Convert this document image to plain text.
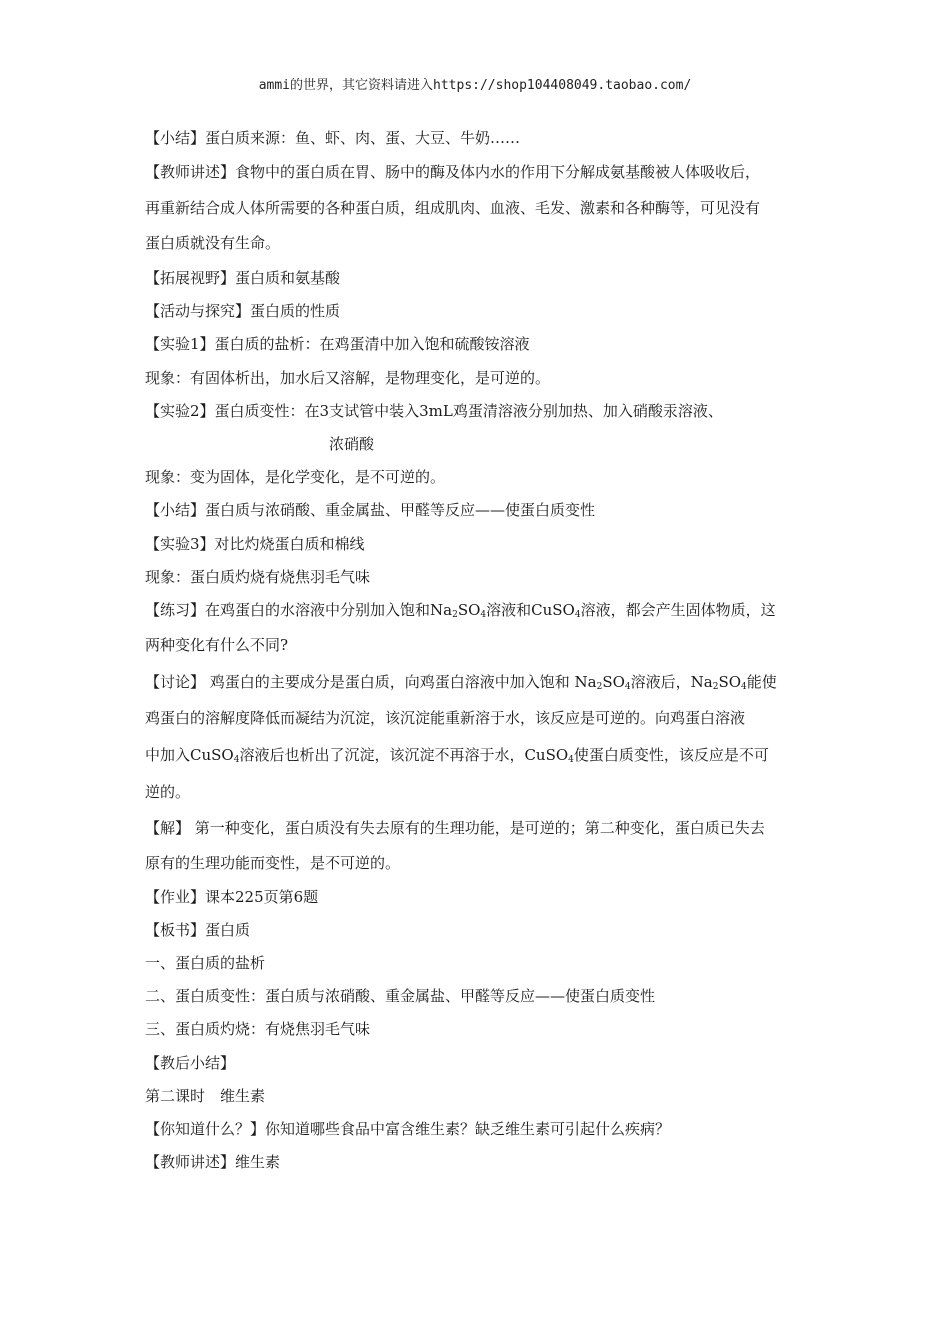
ammi的世界，其它资料请进入https://shop104408049.taobao.com/
【小结】蛋白质来源：鱼、虾、肉、蛋、大豆、牛奶……
【教师讲述】食物中的蛋白质在胃、肠中的酶及体内水的作用下分解成氨基酸被人体吸收后，
再重新结合成人体所需要的各种蛋白质，组成肌肉、血液、毛发、激素和各种酶等，可见没有
蛋白质就没有生命。
【拓展视野】蛋白质和氨基酸
【活动与探究】蛋白质的性质
【实验1】蛋白质的盐析：在鸡蛋清中加入饱和硫酸铵溶液
现象：有固体析出，加水后又溶解，是物理变化，是可逆的。
【实验2】蛋白质变性：在3支试管中装入3mL鸡蛋清溶液分别加热、加入硝酸汞溶液、
浓硝酸
现象：变为固体，是化学变化，是不可逆的。
【小结】蛋白质与浓硝酸、重金属盐、甲醛等反应——使蛋白质变性
【实验3】对比灼烧蛋白质和棉线
现象：蛋白质灼烧有烧焦羽毛气味
【练习】在鸡蛋白的水溶液中分别加入饱和$Na_2SO_4$溶液和CuSO$_4$溶液，都会产生固体物质，这
两种变化有什么不同?
【讨论】 鸡蛋白的主要成分是蛋白质，向鸡蛋白溶液中加入饱和 $Na_2SO_4$溶液后，$Na_2SO_4$能使
鸡蛋白的溶解度降低而凝结为沉淀，该沉淀能重新溶于水，该反应是可逆的。向鸡蛋白溶液
中加入CuSO$_4$溶液后也析出了沉淀，该沉淀不再溶于水，CuSO$_4$使蛋白质变性，该反应是不可
逆的。
【解】 第一种变化，蛋白质没有失去原有的生理功能，是可逆的；第二种变化，蛋白质已失去
原有的生理功能而变性，是不可逆的。
【作业】课本225页第6题
【板书】蛋白质
一、蛋白质的盐析
二、蛋白质变性：蛋白质与浓硝酸、重金属盐、甲醛等反应——使蛋白质变性
三、蛋白质灼烧：有烧焦羽毛气味
【教后小结】
第二课时　维生素
【你知道什么？】你知道哪些食品中富含维生素？缺乏维生素可引起什么疾病？
【教师讲述】维生素
